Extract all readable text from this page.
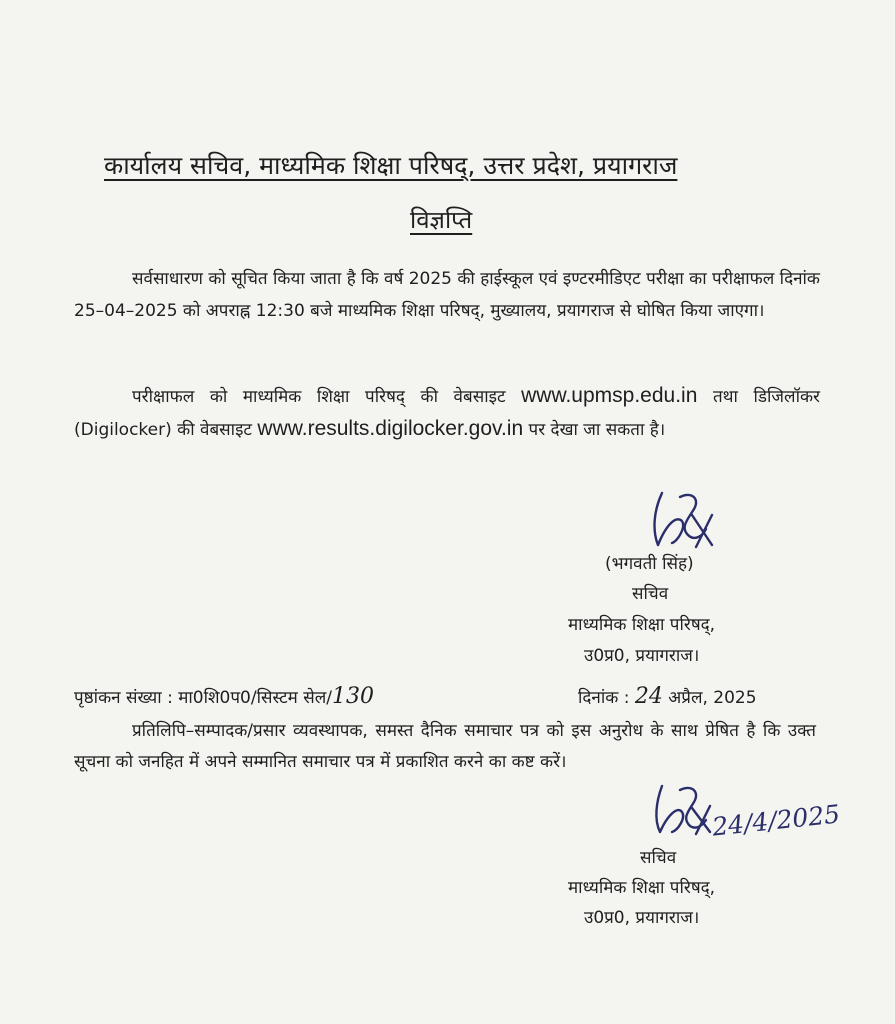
कार्यालय सचिव, माध्यमिक शिक्षा परिषद्, उत्तर प्रदेश, प्रयागराज
विज्ञप्ति
सर्वसाधारण को सूचित किया जाता है कि वर्ष 2025 की हाईस्कूल एवं इण्टरमीडिएट परीक्षा का परीक्षाफल दिनांक 25–04–2025 को अपराह्न 12:30 बजे माध्यमिक शिक्षा परिषद्, मुख्यालय, प्रयागराज से घोषित किया जाएगा।
परीक्षाफल को माध्यमिक शिक्षा परिषद् की वेबसाइट www.upmsp.edu.in तथा डिजिलॉकर (Digilocker) की वेबसाइट www.results.digilocker.gov.in पर देखा जा सकता है।
(भगवती सिंह)
सचिव
माध्यमिक शिक्षा परिषद्,
उ0प्र0, प्रयागराज।
पृष्ठांकन संख्या : मा0शि0प0/सिस्टम सेल/130	दिनांक : 24 अप्रैल, 2025
प्रतिलिपि–सम्पादक/प्रसार व्यवस्थापक, समस्त दैनिक समाचार पत्र को इस अनुरोध के साथ प्रेषित है कि उक्त सूचना को जनहित में अपने सम्मानित समाचार पत्र में प्रकाशित करने का कष्ट करें।
24/4/2025
सचिव
माध्यमिक शिक्षा परिषद्,
उ0प्र0, प्रयागराज।
